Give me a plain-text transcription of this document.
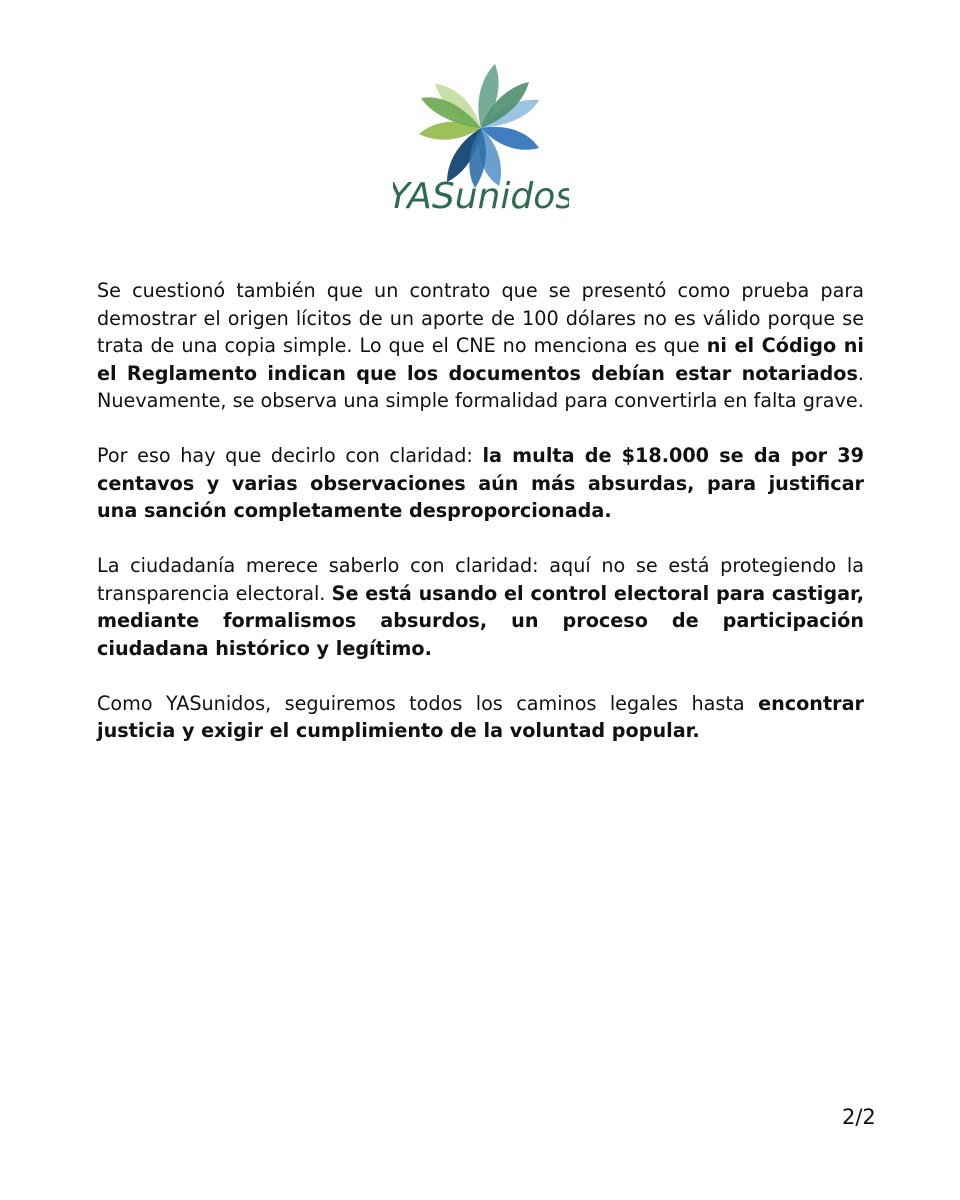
YASunidos

Se cuestionó también que un contrato que se presentó como prueba para demostrar el origen lícitos de un aporte de 100 dólares no es válido porque se trata de una copia simple. Lo que el CNE no menciona es que ni el Código ni el Reglamento indican que los documentos debían estar notariados. Nuevamente, se observa una simple formalidad para convertirla en falta grave.

Por eso hay que decirlo con claridad: la multa de $18.000 se da por 39 centavos y varias observaciones aún más absurdas, para justificar una sanción completamente desproporcionada.

La ciudadanía merece saberlo con claridad: aquí no se está protegiendo la transparencia electoral. Se está usando el control electoral para castigar, mediante formalismos absurdos, un proceso de participación ciudadana histórico y legítimo.

Como YASunidos, seguiremos todos los caminos legales hasta encontrar justicia y exigir el cumplimiento de la voluntad popular.

2/2
